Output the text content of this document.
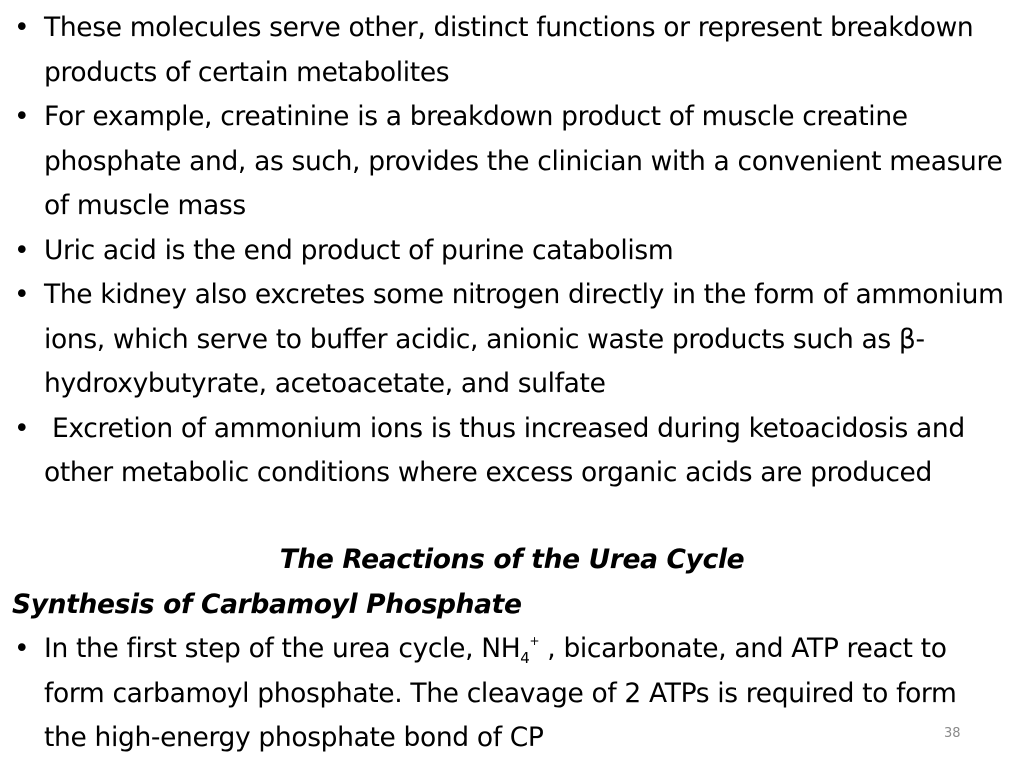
• These molecules serve other, distinct functions or represent breakdown products of certain metabolites
• For example, creatinine is a breakdown product of muscle creatine phosphate and, as such, provides the clinician with a convenient measure of muscle mass
• Uric acid is the end product of purine catabolism
• The kidney also excretes some nitrogen directly in the form of ammonium ions, which serve to buffer acidic, anionic waste products such as β-hydroxybutyrate, acetoacetate, and sulfate
• Excretion of ammonium ions is thus increased during ketoacidosis and other metabolic conditions where excess organic acids are produced
The Reactions of the Urea Cycle
Synthesis of Carbamoyl Phosphate
• In the first step of the urea cycle, $NH_4^+$ , bicarbonate, and ATP react to form carbamoyl phosphate. The cleavage of 2 ATPs is required to form the high-energy phosphate bond of CP	38
